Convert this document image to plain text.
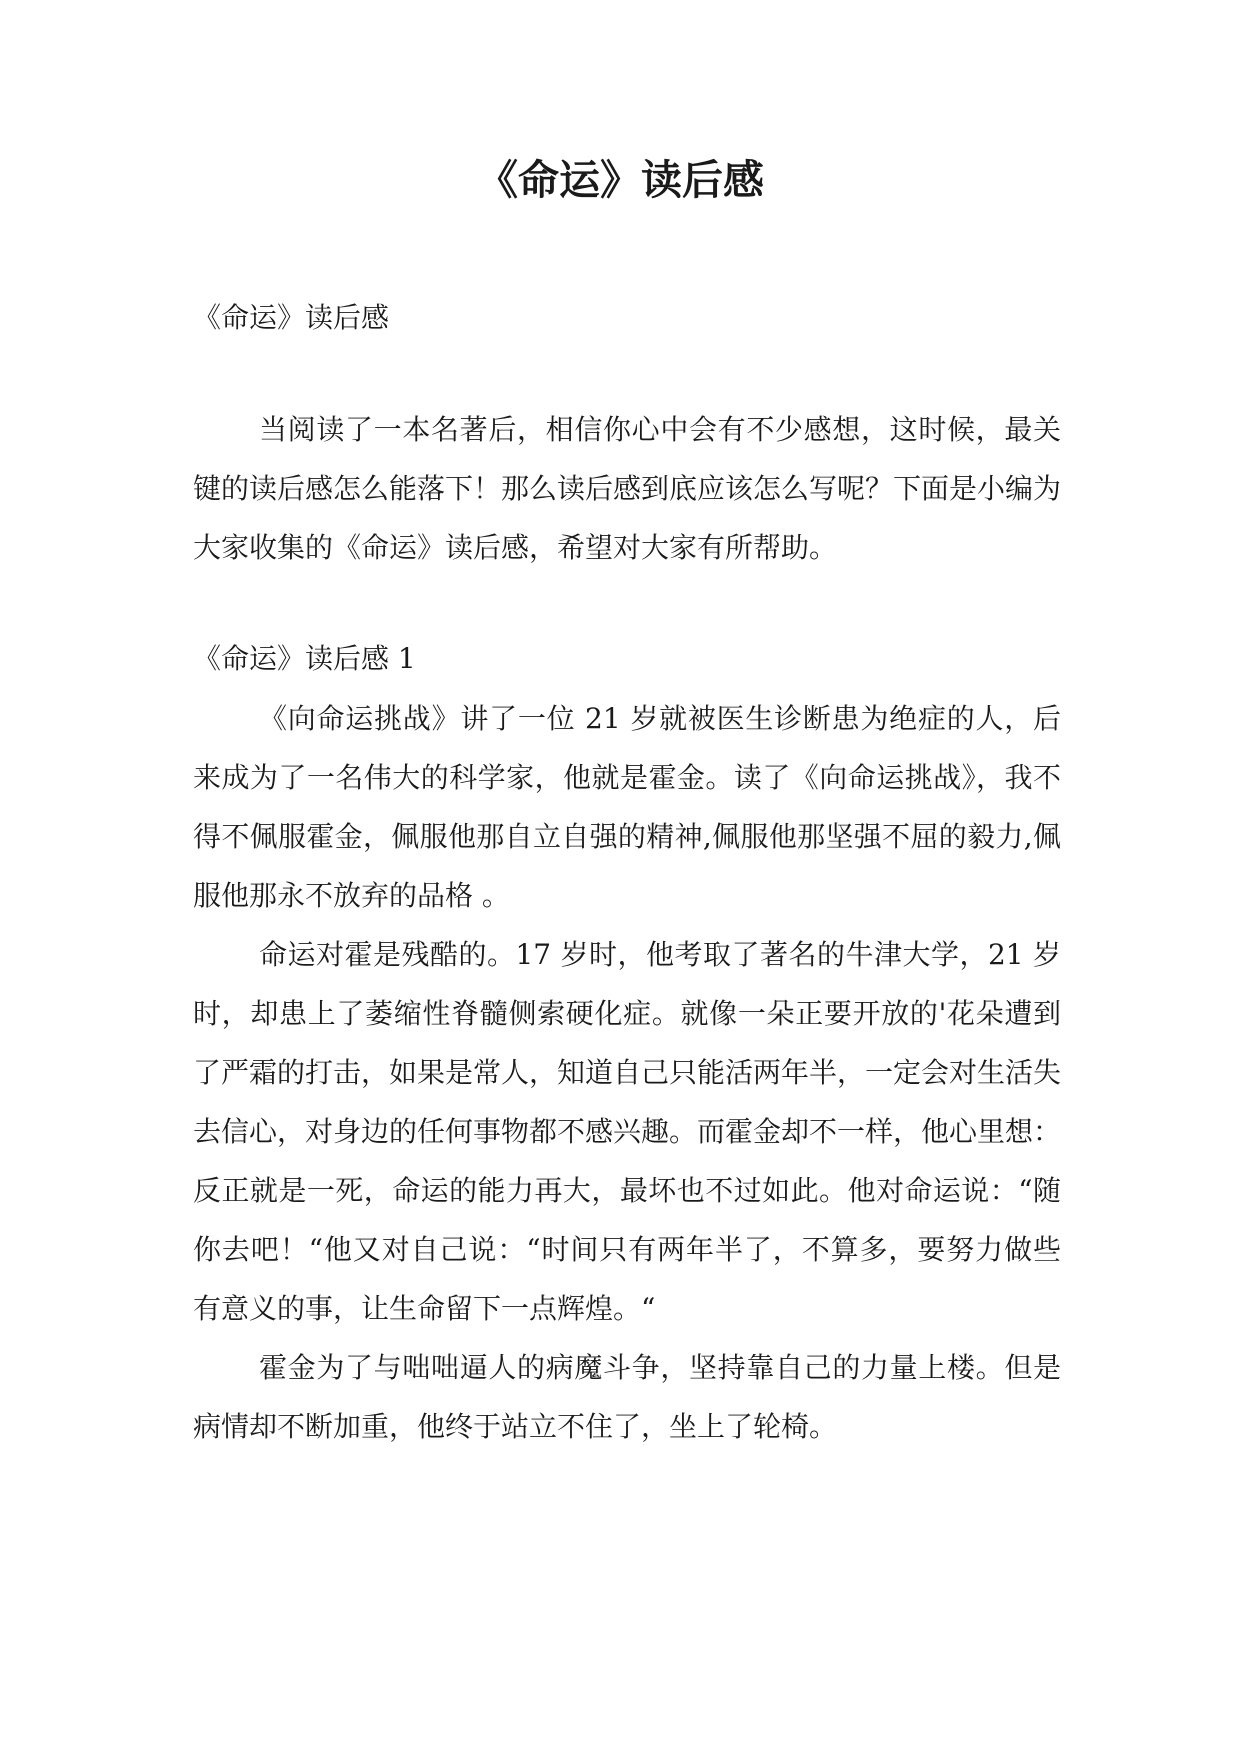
《命运》读后感

《命运》读后感

当阅读了一本名著后，相信你心中会有不少感想，这时候，最关键的读后感怎么能落下！那么读后感到底应该怎么写呢？下面是小编为大家收集的《命运》读后感，希望对大家有所帮助。

《命运》读后感 1

《向命运挑战》讲了一位 21 岁就被医生诊断患为绝症的人，后来成为了一名伟大的科学家，他就是霍金。读了《向命运挑战》，我不得不佩服霍金，佩服他那自立自强的精神,佩服他那坚强不屈的毅力,佩服他那永不放弃的品格 。

命运对霍是残酷的。17 岁时，他考取了著名的牛津大学，21 岁时，却患上了萎缩性脊髓侧索硬化症。就像一朵正要开放的'花朵遭到了严霜的打击，如果是常人，知道自己只能活两年半，一定会对生活失去信心，对身边的任何事物都不感兴趣。而霍金却不一样，他心里想：反正就是一死，命运的能力再大，最坏也不过如此。他对命运说：“随你去吧！“他又对自己说：“时间只有两年半了，不算多，要努力做些有意义的事，让生命留下一点辉煌。“

霍金为了与咄咄逼人的病魔斗争，坚持靠自己的力量上楼。但是病情却不断加重，他终于站立不住了，坐上了轮椅。
